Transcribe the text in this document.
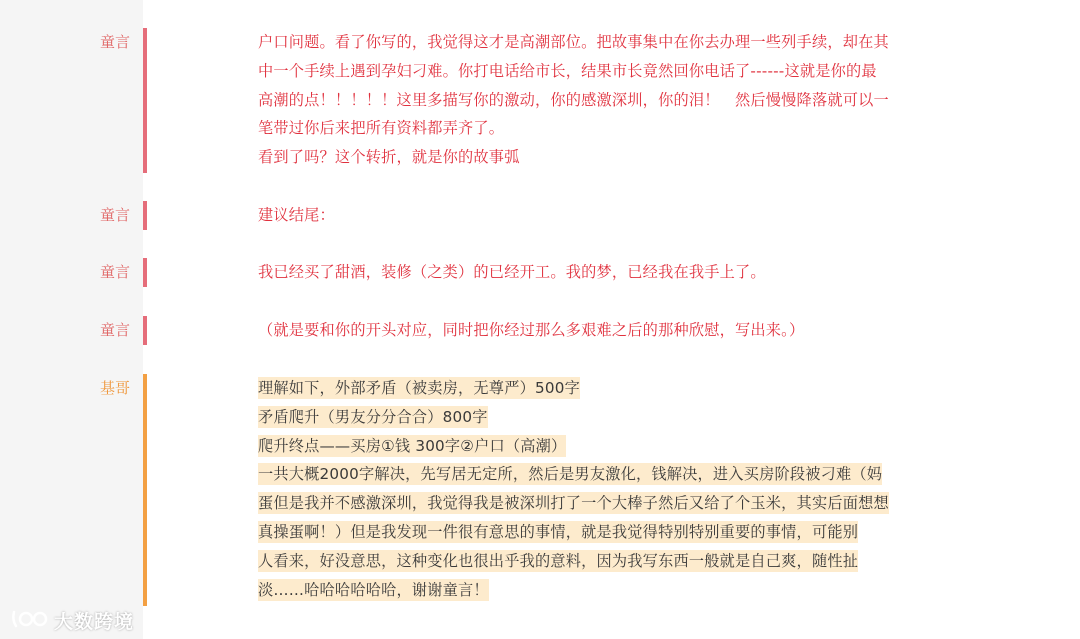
童言	户口问题。看了你写的，我觉得这才是高潮部位。把故事集中在你去办理一些列手续，却在其
中一个手续上遇到孕妇刁难。你打电话给市长，结果市长竟然回你电话了------这就是你的最
高潮的点！！！！！这里多描写你的激动，你的感激深圳，你的泪！　然后慢慢降落就可以一
笔带过你后来把所有资料都弄齐了。
看到了吗？这个转折，就是你的故事弧
童言	建议结尾：
童言	我已经买了甜酒，装修（之类）的已经开工。我的梦，已经我在我手上了。
童言	（就是要和你的开头对应，同时把你经过那么多艰难之后的那种欣慰，写出来。）
基哥	理解如下，外部矛盾（被卖房，无尊严）500字
矛盾爬升（男友分分合合）800字
爬升终点——买房①钱 300字②户口（高潮）
一共大概2000字解决，先写居无定所，然后是男友激化，钱解决，进入买房阶段被刁难（妈
蛋但是我并不感激深圳，我觉得我是被深圳打了一个大棒子然后又给了个玉米，其实后面想想
真操蛋啊！）但是我发现一件很有意思的事情，就是我觉得特别特别重要的事情，可能别
人看来，好没意思，这种变化也很出乎我的意料，因为我写东西一般就是自己爽，随性扯
淡……哈哈哈哈哈哈，谢谢童言！
大数跨境
